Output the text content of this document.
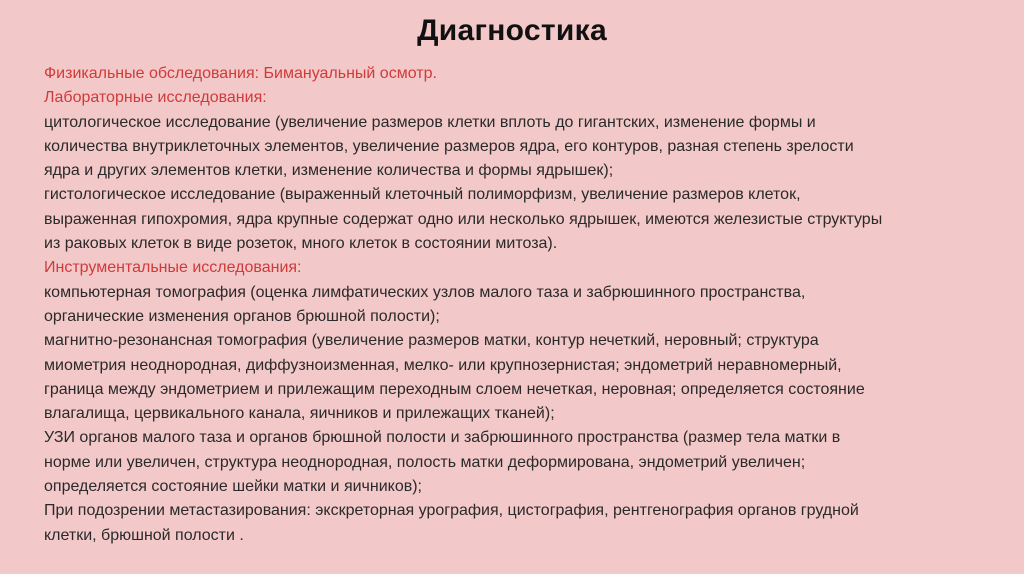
Диагностика
Физикальные обследования: Бимануальный осмотр.
Лабораторные исследования:
цитологическое исследование (увеличение размеров клетки вплоть до гигантских, изменение формы и
количества внутриклеточных элементов, увеличение размеров ядра, его контуров, разная степень зрелости
ядра и других элементов клетки, изменение количества и формы ядрышек);
гистологическое исследование (выраженный клеточный полиморфизм, увеличение размеров клеток,
выраженная гипохромия, ядра крупные содержат одно или несколько ядрышек, имеются железистые структуры
из раковых клеток в виде розеток, много клеток в состоянии митоза).
Инструментальные исследования:
компьютерная томография (оценка лимфатических узлов малого таза и забрюшинного пространства,
органические изменения органов брюшной полости);
магнитно-резонансная томография (увеличение размеров матки, контур нечеткий, неровный; структура
миометрия неоднородная, диффузноизменная, мелко- или крупнозернистая; эндометрий неравномерный,
граница между эндометрием и прилежащим переходным слоем нечеткая, неровная; определяется состояние
влагалища, цервикального канала, яичников и прилежащих тканей);
УЗИ органов малого таза и органов брюшной полости и забрюшинного пространства (размер тела матки в
норме или увеличен, структура неоднородная, полость матки деформирована, эндометрий увеличен;
определяется состояние шейки матки и яичников);
При подозрении метастазирования: экскреторная урография, цистография, рентгенография органов грудной
клетки, брюшной полости .
